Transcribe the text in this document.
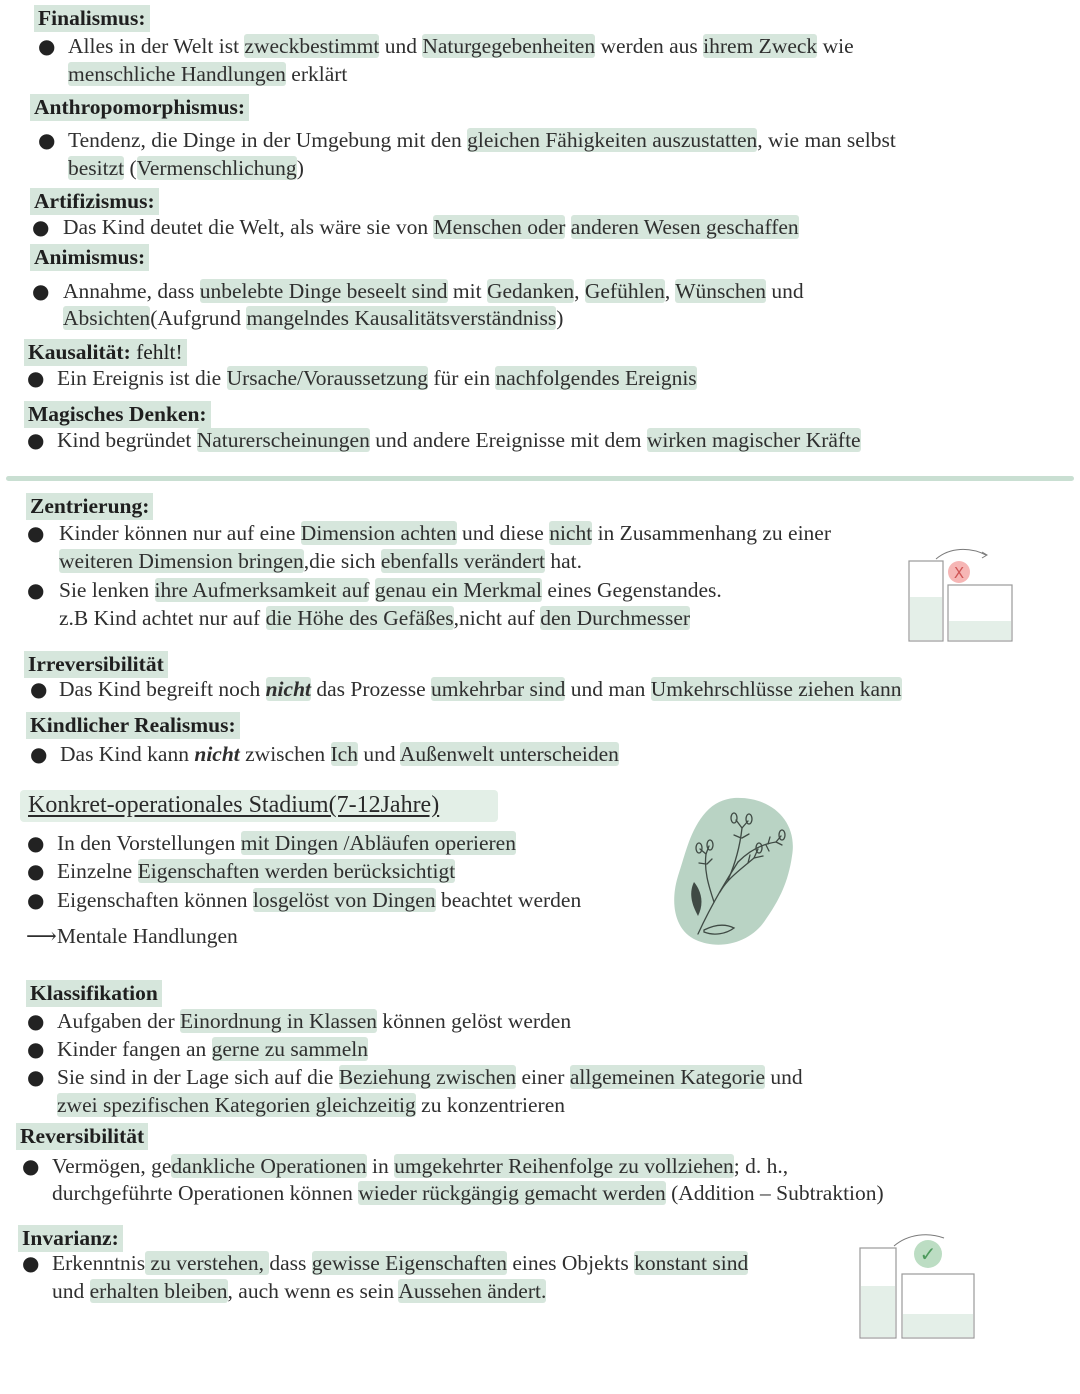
Finalismus:
● Alles in der Welt ist zweckbestimmt und Naturgegebenheiten werden aus ihrem Zweck wie
menschliche Handlungen erklärt
Anthropomorphismus:
● Tendenz, die Dinge in der Umgebung mit den gleichen Fähigkeiten auszustatten, wie man selbst
besitzt (Vermenschlichung)
Artifizismus:
● Das Kind deutet die Welt, als wäre sie von Menschen oder anderen Wesen geschaffen
Animismus:
● Annahme, dass unbelebte Dinge beseelt sind mit Gedanken, Gefühlen, Wünschen und
Absichten(Aufgrund mangelndes Kausalitätsverständniss)
Kausalität: fehlt!
● Ein Ereignis ist die Ursache/Voraussetzung für ein nachfolgendes Ereignis
Magisches Denken:
● Kind begründet Naturerscheinungen und andere Ereignisse mit dem wirken magischer Kräfte
Zentrierung:
● Kinder können nur auf eine Dimension achten und diese nicht in Zusammenhang zu einer
weiteren Dimension bringen,die sich ebenfalls verändert hat.
● Sie lenken ihre Aufmerksamkeit auf genau ein Merkmal eines Gegenstandes.
z.B Kind achtet nur auf die Höhe des Gefäßes,nicht auf den Durchmesser
X
Irreversibilität
● Das Kind begreift noch nicht das Prozesse umkehrbar sind und man Umkehrschlüsse ziehen kann
Kindlicher Realismus:
● Das Kind kann nicht zwischen Ich und Außenwelt unterscheiden
Konkret-operationales Stadium(7-12Jahre)
● In den Vorstellungen mit Dingen /Abläufen operieren
● Einzelne Eigenschaften werden berücksichtigt
● Eigenschaften können losgelöst von Dingen beachtet werden
⟶Mentale Handlungen
Klassifikation
● Aufgaben der Einordnung in Klassen können gelöst werden
● Kinder fangen an gerne zu sammeln
● Sie sind in der Lage sich auf die Beziehung zwischen einer allgemeinen Kategorie und
zwei spezifischen Kategorien gleichzeitig zu konzentrieren
Reversibilität
● Vermögen, gedankliche Operationen in umgekehrter Reihenfolge zu vollziehen; d. h.,
durchgeführte Operationen können wieder rückgängig gemacht werden (Addition – Subtraktion)
Invarianz:
● Erkenntnis zu verstehen, dass gewisse Eigenschaften eines Objekts konstant sind
und erhalten bleiben, auch wenn es sein Aussehen ändert.
✓
